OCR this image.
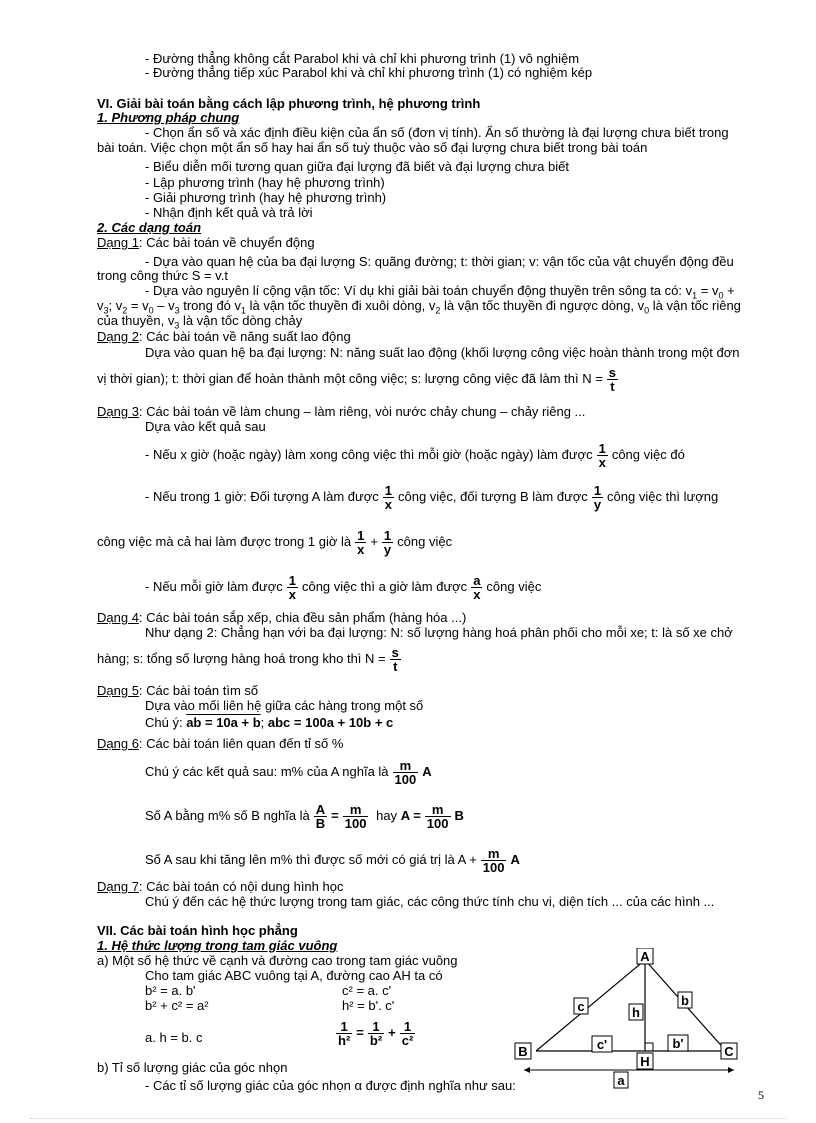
- Đường thẳng không cắt Parabol khi và chỉ khi phương trình (1) vô nghiệm
- Đường thẳng tiếp xúc Parabol khi và chỉ khi phương trình (1) có nghiệm kép
VI. Giải bài toán bằng cách lập phương trình, hệ phương trình
1. Phương pháp chung
- Chọn ẩn số và xác định điều kiện của ẩn số (đơn vị tính). Ẩn số thường là đại lượng chưa biết trong
bài toán. Việc chọn một ẩn số hay hai ẩn số tuỳ thuộc vào số đại lượng chưa biết trong bài toán
- Biểu diễn mối tương quan giữa đại lượng đã biết và đại lượng chưa biết
- Lập phương trình (hay hệ phương trình)
- Giải phương trình (hay hệ phương trình)
- Nhận định kết quả và trả lời
2. Các dạng toán
Dạng 1: Các bài toán về chuyển động
- Dựa vào quan hệ của ba đại lượng S: quãng đường; t: thời gian; v: vận tốc của vật chuyển động đều
trong công thức S = v.t
- Dựa vào nguyên lí cộng vận tốc: Ví dụ khi giải bài toán chuyển động thuyền trên sông ta có: $v_1 = v_0$ +
$v_3$; $v_2 = v_0 - v_3$ trong đó $v_1$ là vận tốc thuyền đi xuôi dòng, $v_2$ là vận tốc thuyền đi ngược dòng, $v_0$ là vận tốc riêng
của thuyền, $v_3$ là vận tốc dòng chảy
Dạng 2: Các bài toán về năng suất lao động
Dựa vào quan hệ ba đại lượng: N: năng suất lao động (khối lượng công việc hoàn thành trong một đơn
vị thời gian); t: thời gian để hoàn thành một công việc; s: lượng công việc đã làm thì $N = \frac{s}{t}$
Dạng 3: Các bài toán về làm chung – làm riêng, vòi nước chảy chung – chảy riêng ...
Dựa vào kết quả sau
- Nếu x giờ (hoặc ngày) làm xong công việc thì mỗi giờ (hoặc ngày) làm được $\frac{1}{x}$ công việc đó
- Nếu trong 1 giờ: Đối tượng A làm được $\frac{1}{x}$ công việc, đối tượng B làm được $\frac{1}{y}$ công việc thì lượng
công việc mà cả hai làm được trong 1 giờ là $\frac{1}{x} + \frac{1}{y}$ công việc
- Nếu mỗi giờ làm được $\frac{1}{x}$ công việc thì a giờ làm được $\frac{a}{x}$ công việc
Dạng 4: Các bài toán sắp xếp, chia đều sản phẩm (hàng hóa ...)
Như dạng 2: Chẳng hạn với ba đại lượng: N: số lượng hàng hoá phân phối cho mỗi xe; t: là số xe chở
hàng; s: tổng số lượng hàng hoá trong kho thì $N = \frac{s}{t}$
Dạng 5: Các bài toán tìm số
Dựa vào mối liên hệ giữa các hàng trong một số
Chú ý: ab = 10a + b; abc = 100a + 10b + c
Dạng 6: Các bài toán liên quan đến tỉ số %
Chú ý các kết quả sau: m% của A nghĩa là $\frac{m}{100}$ A
Số A bằng m% số B nghĩa là $\frac{A}{B} = \frac{m}{100}$ hay $A = \frac{m}{100}$ B
Số A sau khi tăng lên m% thì được số mới có giá trị là $A + \frac{m}{100}$ A
Dạng 7: Các bài toán có nội dung hình học
Chú ý đến các hệ thức lượng trong tam giác, các công thức tính chu vi, diện tích ... của các hình ...
VII. Các bài toán hình học phẳng
1. Hệ thức lượng trong tam giác vuông
a) Một số hệ thức về cạnh và đường cao trong tam giác vuông
Cho tam giác ABC vuông tại A, đường cao AH ta có
b² = a. b'	c² = a. c'
b² + c² = a²	h² = b'. c'
a. h = b. c	$\frac{1}{\text{h²}} = \frac{1}{\text{b²}} + \frac{1}{\text{c²}}$
b) Tỉ số lượng giác của góc nhọn
- Các tỉ số lượng giác của góc nhọn α được định nghĩa như sau:
A
B	C
H
c	b
h
c'	b'
a
5
